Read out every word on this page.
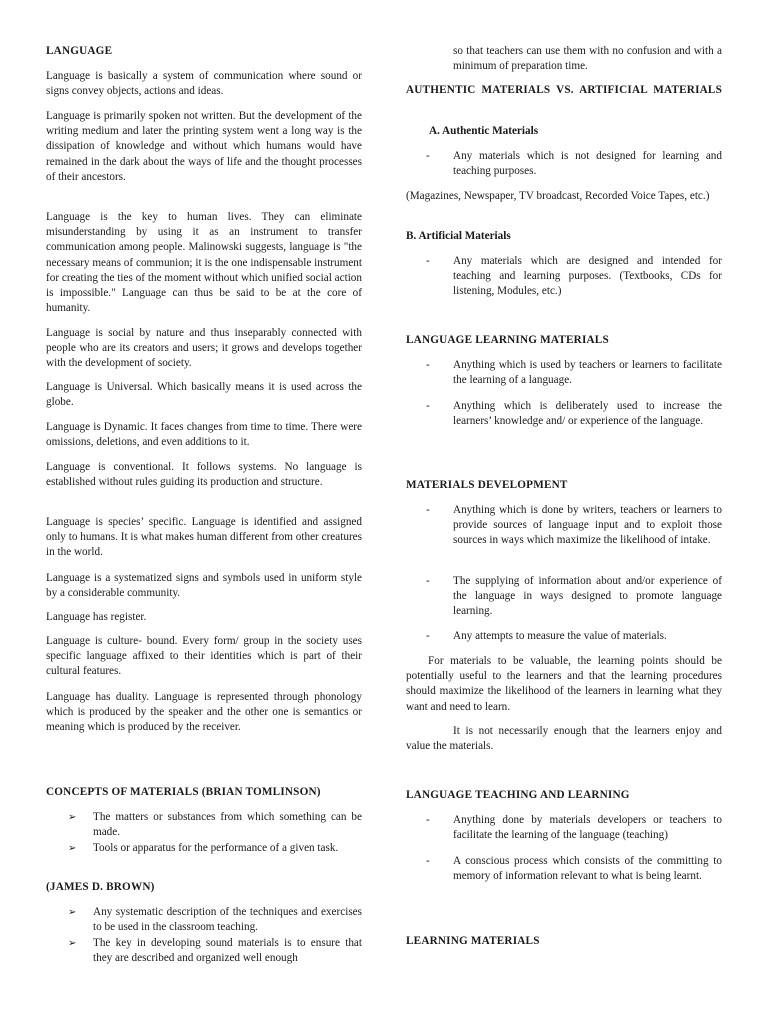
LANGUAGE
Language is basically a system of communication where sound or signs convey objects, actions and ideas.
Language is primarily spoken not written. But the development of the writing medium and later the printing system went a long way is the dissipation of knowledge and without which humans would have remained in the dark about the ways of life and the thought processes of their ancestors.
Language is the key to human lives. They can eliminate misunderstanding by using it as an instrument to transfer communication among people. Malinowski suggests, language is "the necessary means of communion; it is the one indispensable instrument for creating the ties of the moment without which unified social action is impossible." Language can thus be said to be at the core of humanity.
Language is social by nature and thus inseparably connected with people who are its creators and users; it grows and develops together with the development of society.
Language is Universal. Which basically means it is used across the globe.
Language is Dynamic. It faces changes from time to time. There were omissions, deletions, and even additions to it.
Language is conventional. It follows systems. No language is established without rules guiding its production and structure.
Language is species’ specific. Language is identified and assigned only to humans. It is what makes human different from other creatures in the world.
Language is a systematized signs and symbols used in uniform style by a considerable community.
Language has register.
Language is culture- bound. Every form/ group in the society uses specific language affixed to their identities which is part of their cultural features.
Language has duality. Language is represented through phonology which is produced by the speaker and the other one is semantics or meaning which is produced by the receiver.
CONCEPTS OF MATERIALS (BRIAN TOMLINSON)
➢ The matters or substances from which something can be made.
➢ Tools or apparatus for the performance of a given task.
(JAMES D. BROWN)
➢ Any systematic description of the techniques and exercises to be used in the classroom teaching.
➢ The key in developing sound materials is to ensure that they are described and organized well enough
so that teachers can use them with no confusion and with a minimum of preparation time.
AUTHENTIC MATERIALS VS. ARTIFICIAL MATERIALS
A. Authentic Materials
- Any materials which is not designed for learning and teaching purposes.
(Magazines, Newspaper, TV broadcast, Recorded Voice Tapes, etc.)
B. Artificial Materials
- Any materials which are designed and intended for teaching and learning purposes. (Textbooks, CDs for listening, Modules, etc.)
LANGUAGE LEARNING MATERIALS
- Anything which is used by teachers or learners to facilitate the learning of a language.
- Anything which is deliberately used to increase the learners’ knowledge and/ or experience of the language.
MATERIALS DEVELOPMENT
- Anything which is done by writers, teachers or learners to provide sources of language input and to exploit those sources in ways which maximize the likelihood of intake.
- The supplying of information about and/or experience of the language in ways designed to promote language learning.
- Any attempts to measure the value of materials.
For materials to be valuable, the learning points should be potentially useful to the learners and that the learning procedures should maximize the likelihood of the learners in learning what they want and need to learn.
It is not necessarily enough that the learners enjoy and value the materials.
LANGUAGE TEACHING AND LEARNING
- Anything done by materials developers or teachers to facilitate the learning of the language (teaching)
- A conscious process which consists of the committing to memory of information relevant to what is being learnt.
LEARNING MATERIALS
